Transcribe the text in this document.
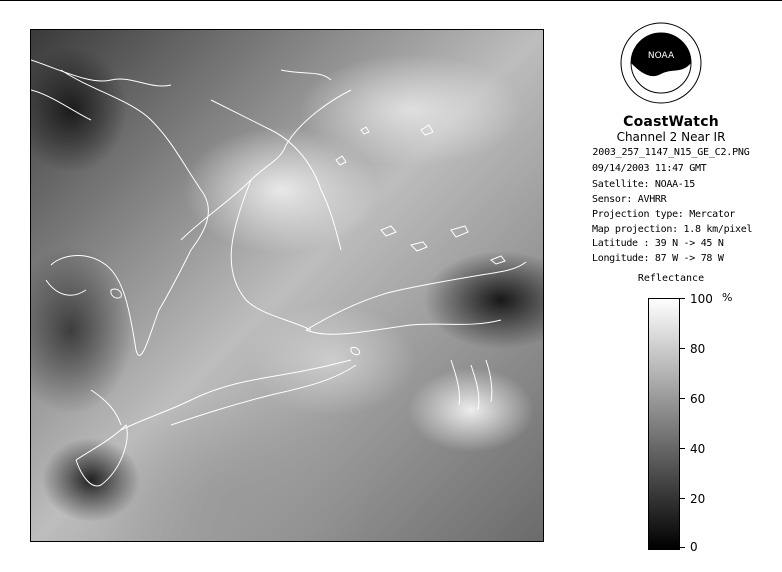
NOAA
CoastWatch
Channel 2 Near IR
2003_257_1147_N15_GE_C2.PNG
09/14/2003 11:47 GMT
Satellite: NOAA-15
Sensor: AVHRR
Projection type: Mercator
Map projection: 1.8 km/pixel
Latitude : 39 N -> 45 N
Longitude: 87 W -> 78 W
Reflectance
%
100
80
60
40
20
0
